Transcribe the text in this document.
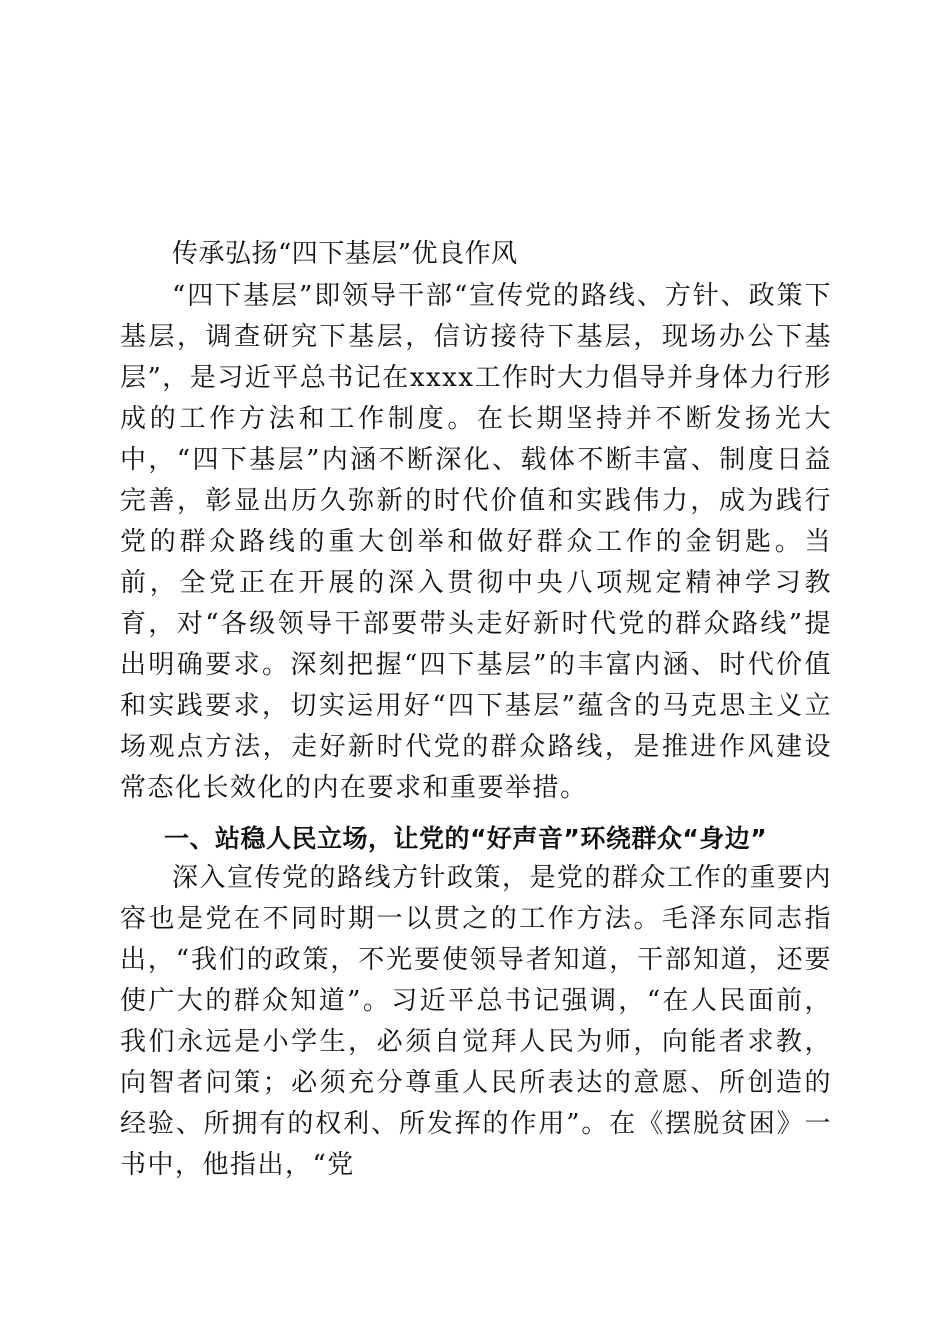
传承弘扬“四下基层”优良作风

“四下基层”即领导干部“宣传党的路线、方针、政策下基层，调查研究下基层，信访接待下基层，现场办公下基层”，是习近平总书记在xxxx工作时大力倡导并身体力行形成的工作方法和工作制度。在长期坚持并不断发扬光大中，“四下基层”内涵不断深化、载体不断丰富、制度日益完善，彰显出历久弥新的时代价值和实践伟力，成为践行党的群众路线的重大创举和做好群众工作的金钥匙。当前，全党正在开展的深入贯彻中央八项规定精神学习教育，对“各级领导干部要带头走好新时代党的群众路线”提出明确要求。深刻把握“四下基层”的丰富内涵、时代价值和实践要求，切实运用好“四下基层”蕴含的马克思主义立场观点方法，走好新时代党的群众路线，是推进作风建设常态化长效化的内在要求和重要举措。

一、站稳人民立场，让党的“好声音”环绕群众“身边”

深入宣传党的路线方针政策，是党的群众工作的重要内容也是党在不同时期一以贯之的工作方法。毛泽东同志指出，“我们的政策，不光要使领导者知道，干部知道，还要使广大的群众知道”。习近平总书记强调，“在人民面前，我们永远是小学生，必须自觉拜人民为师，向能者求教，向智者问策；必须充分尊重人民所表达的意愿、所创造的经验、所拥有的权利、所发挥的作用”。在《摆脱贫困》一书中，他指出，“党
